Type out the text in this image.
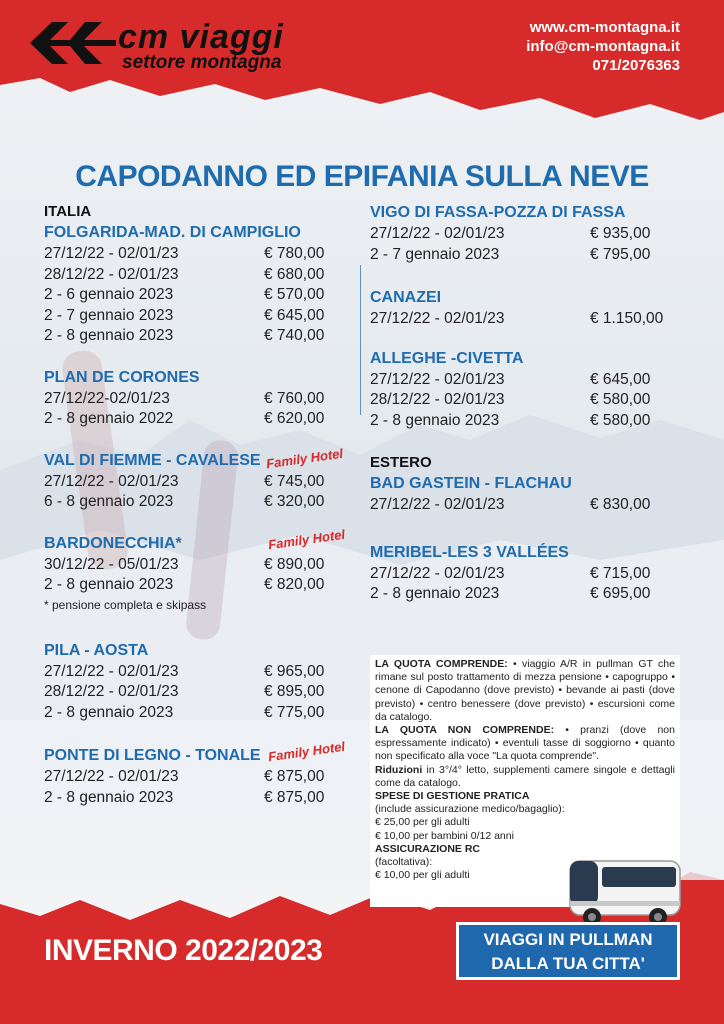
cm viaggi
settore montagna
www.cm-montagna.it
info@cm-montagna.it
071/2076363
CAPODANNO ED EPIFANIA SULLA NEVE
ITALIA
FOLGARIDA-MAD. DI CAMPIGLIO
27/12/22 - 02/01/23	€ 780,00
28/12/22 - 02/01/23	€ 680,00
2 - 6 gennaio 2023	€ 570,00
2 - 7 gennaio 2023	€ 645,00
2 - 8 gennaio 2023	€ 740,00
PLAN DE CORONES
27/12/22-02/01/23	€ 760,00
2 - 8 gennaio 2022	€ 620,00
VAL DI FIEMME - CAVALESE Family Hotel
27/12/22 - 02/01/23	€ 745,00
6 - 8 gennaio 2023	€ 320,00
BARDONECCHIA*	Family Hotel
30/12/22 - 05/01/23	€ 890,00
2 - 8 gennaio 2023	€ 820,00
* pensione completa e skipass
PILA - AOSTA
27/12/22 - 02/01/23	€ 965,00
28/12/22 - 02/01/23	€ 895,00
2 - 8 gennaio 2023	€ 775,00
PONTE DI LEGNO - TONALE Family Hotel
27/12/22 - 02/01/23	€ 875,00
2 - 8 gennaio 2023	€ 875,00
VIGO DI FASSA-POZZA DI FASSA
27/12/22 - 02/01/23	€ 935,00
2 - 7 gennaio 2023	€ 795,00
CANAZEI
27/12/22 - 02/01/23	€ 1.150,00
ALLEGHE -CIVETTA
27/12/22 - 02/01/23	€ 645,00
28/12/22 - 02/01/23	€ 580,00
2 - 8 gennaio 2023	€ 580,00
ESTERO
BAD GASTEIN - FLACHAU
27/12/22 - 02/01/23	€ 830,00
MERIBEL-LES 3 VALLÉES
27/12/22 - 02/01/23	€ 715,00
2 - 8 gennaio 2023	€ 695,00

LA QUOTA COMPRENDE: • viaggio A/R in pullman GT che rimane sul posto trattamento di mezza pensione • capogruppo • cenone di Capodanno (dove previsto) • bevande ai pasti (dove previsto) • centro benessere (dove previsto) • escursioni come da catalogo.

LA QUOTA NON COMPRENDE: • pranzi (dove non espressamente indicato) • eventuli tasse di soggiorno • quanto non specificato alla voce "La quota comprende".

Riduzioni in 3°/4° letto, supplementi camere singole e dettagli come da catalogo.

SPESE DI GESTIONE PRATICA

(include assicurazione medico/bagaglio):

€ 25,00 per gli adulti

€ 10,00 per bambini 0/12 anni

ASSICURAZIONE RC

(facoltativa):

€ 10,00 per gli adulti

INVERNO 2022/2023	VIAGGI IN PULLMAN
DALLA TUA CITTA'
